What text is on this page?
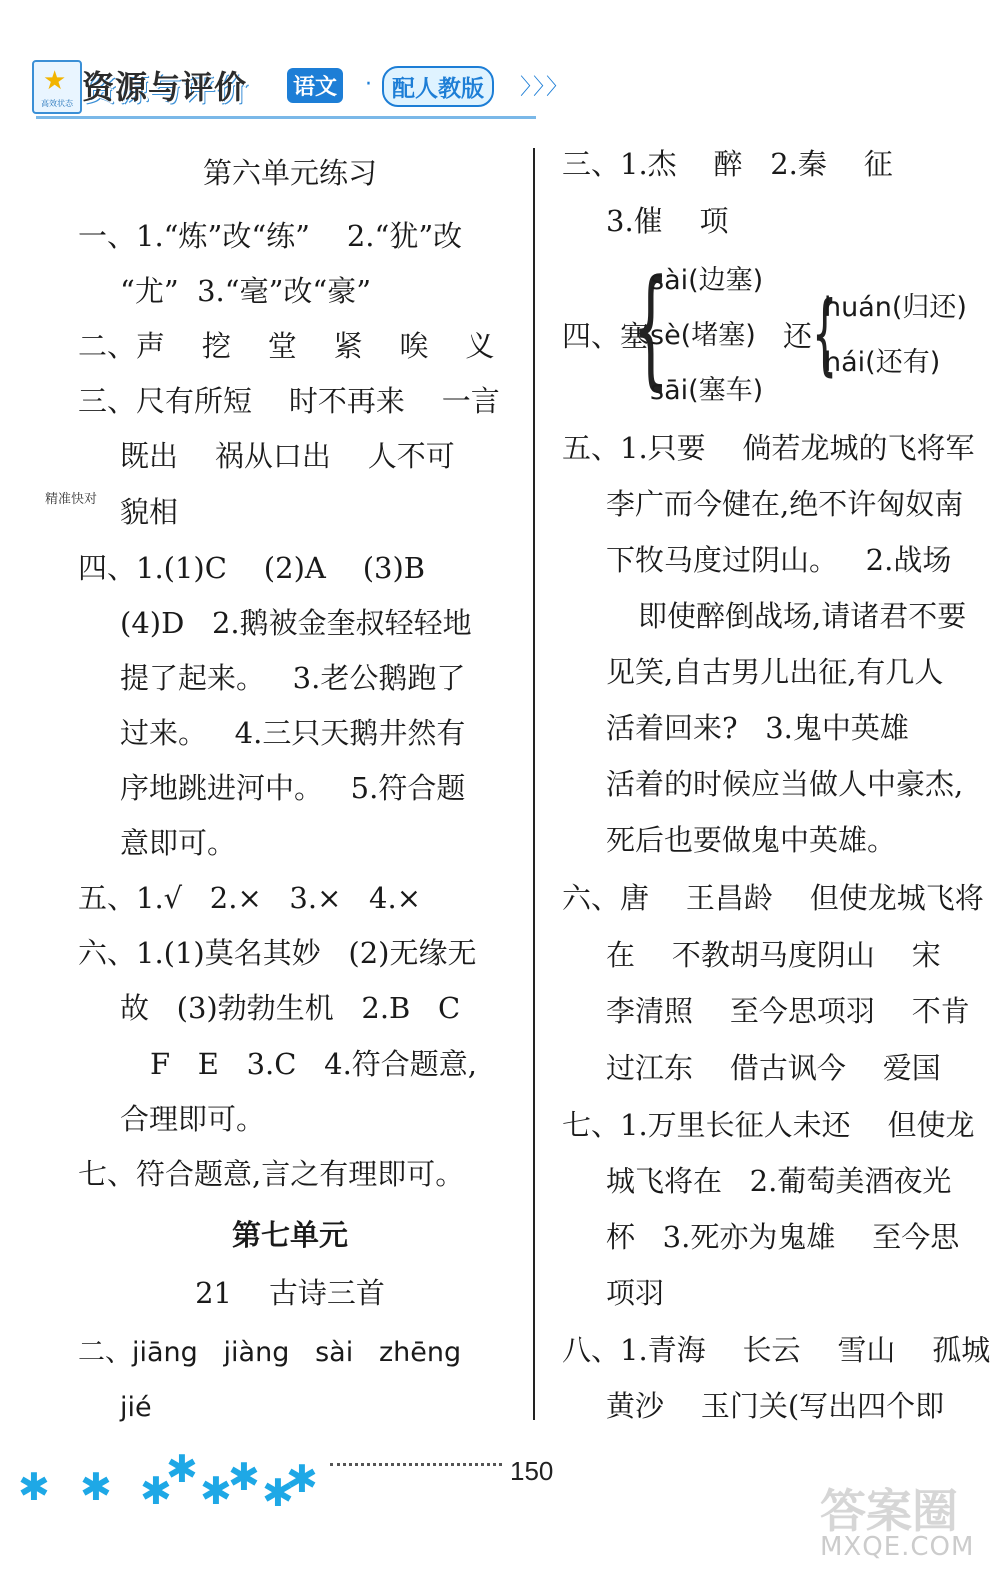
★
高效状态 资源与评价 语文 · 配人教版	〉〉〉
第六单元练习
一、1.“炼”改“练”    2.“犹”改
“尤”  3.“毫”改“豪”
二、声    挖    堂    紧    唉    义
三、尺有所短    时不再来    一言
既出    祸从口出    人不可
貌相
四、1.(1)C    (2)A    (3)B
(4)D   2.鹅被金奎叔轻轻地
提了起来。   3.老公鹅跑了
过来。   4.三只天鹅井然有
序地跳进河中。   5.符合题
意即可。
五、1.√   2.×   3.×   4.×
六、1.(1)莫名其妙   (2)无缘无
故   (3)勃勃生机   2.B   C
F   E   3.C   4.符合题意,
合理即可。
七、符合题意,言之有理即可。
第七单元
21    古诗三首
二、jiāng   jiàng   sài   zhēng
jié
精准快对
三、1.杰    醉   2.秦    征
3.催    项
四、塞
{
sài(边塞)
sè(堵塞)
sāi(塞车)
还 {
huán(归还)
hái(还有)
五、1.只要    倘若龙城的飞将军
李广而今健在,绝不许匈奴南
下牧马度过阴山。   2.战场
即使醉倒战场,请诸君不要
见笑,自古男儿出征,有几人
活着回来?   3.鬼中英雄
活着的时候应当做人中豪杰,
死后也要做鬼中英雄。
六、唐    王昌龄    但使龙城飞将
在    不教胡马度阴山    宋
李清照    至今思项羽    不肯
过江东    借古讽今    爱国
七、1.万里长征人未还    但使龙
城飞将在   2.葡萄美酒夜光
杯   3.死亦为鬼雄    至今思
项羽
八、1.青海    长云    雪山    孤城
黄沙    玉门关(写出四个即
✱ ✱ ✱
✱ ✱
✱ ✱
✱	150
答案圈
MXQE.COM
